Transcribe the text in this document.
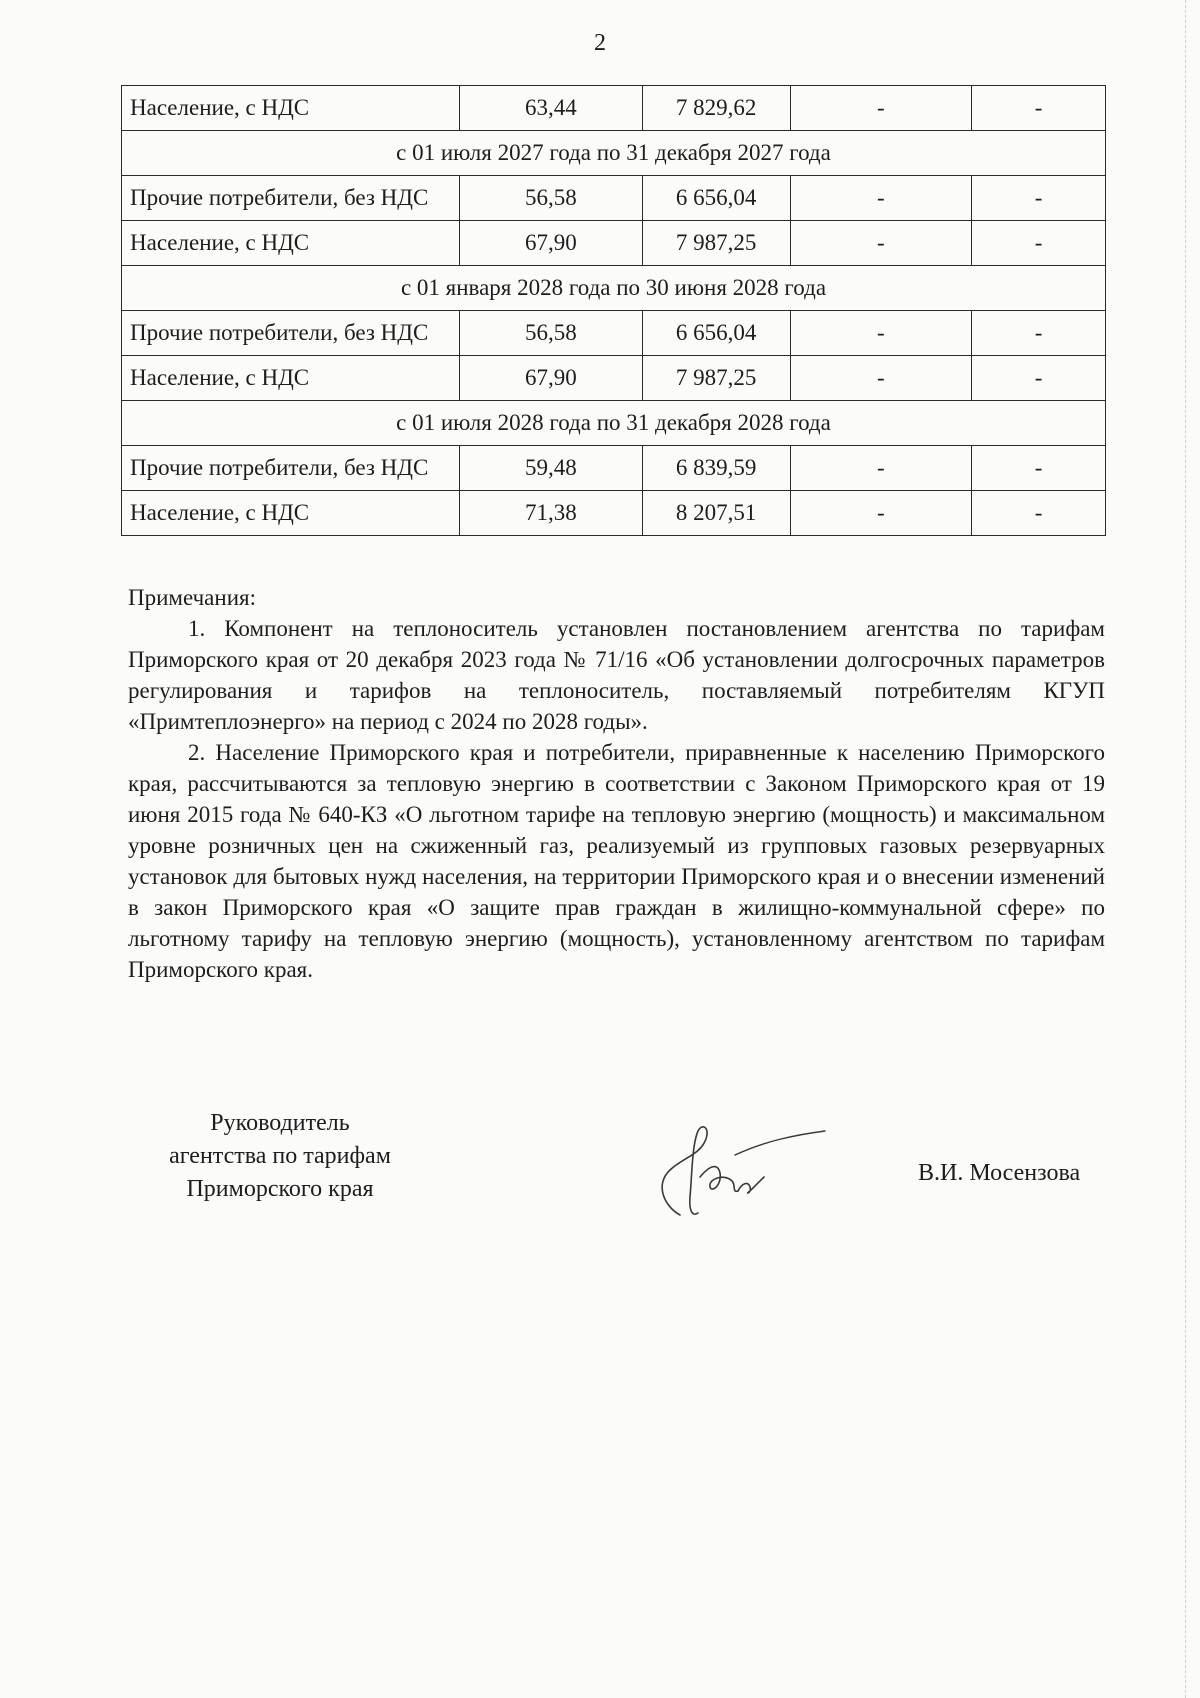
2
Население, с НДС	63,44	7 829,62	-	-
с 01 июля 2027 года по 31 декабря 2027 года				
Прочие потребители, без НДС	56,58	6 656,04	-	-
Население, с НДС	67,90	7 987,25	-	-
с 01 января 2028 года по 30 июня 2028 года				
Прочие потребители, без НДС	56,58	6 656,04	-	-
Население, с НДС	67,90	7 987,25	-	-
с 01 июля 2028 года по 31 декабря 2028 года				
Прочие потребители, без НДС	59,48	6 839,59	-	-
Население, с НДС	71,38	8 207,51	-	-

Примечания:

1. Компонент на теплоноситель установлен постановлением агентства по тарифам Приморского края от 20 декабря 2023 года № 71/16 «Об установлении долгосрочных параметров регулирования и тарифов на теплоноситель, поставляемый потребителям КГУП «Примтеплоэнерго» на период с 2024 по 2028 годы».

2. Население Приморского края и потребители, приравненные к населению Приморского края, рассчитываются за тепловую энергию в соответствии с Законом Приморского края от 19 июня 2015 года № 640-КЗ «О льготном тарифе на тепловую энергию (мощность) и максимальном уровне розничных цен на сжиженный газ, реализуемый из групповых газовых резервуарных установок для бытовых нужд населения, на территории Приморского края и о внесении изменений в закон Приморского края «О защите прав граждан в жилищно-коммунальной сфере» по льготному тарифу на тепловую энергию (мощность), установленному агентством по тарифам Приморского края.

Руководитель
агентства по тарифам
Приморского края
В.И. Мосензова
